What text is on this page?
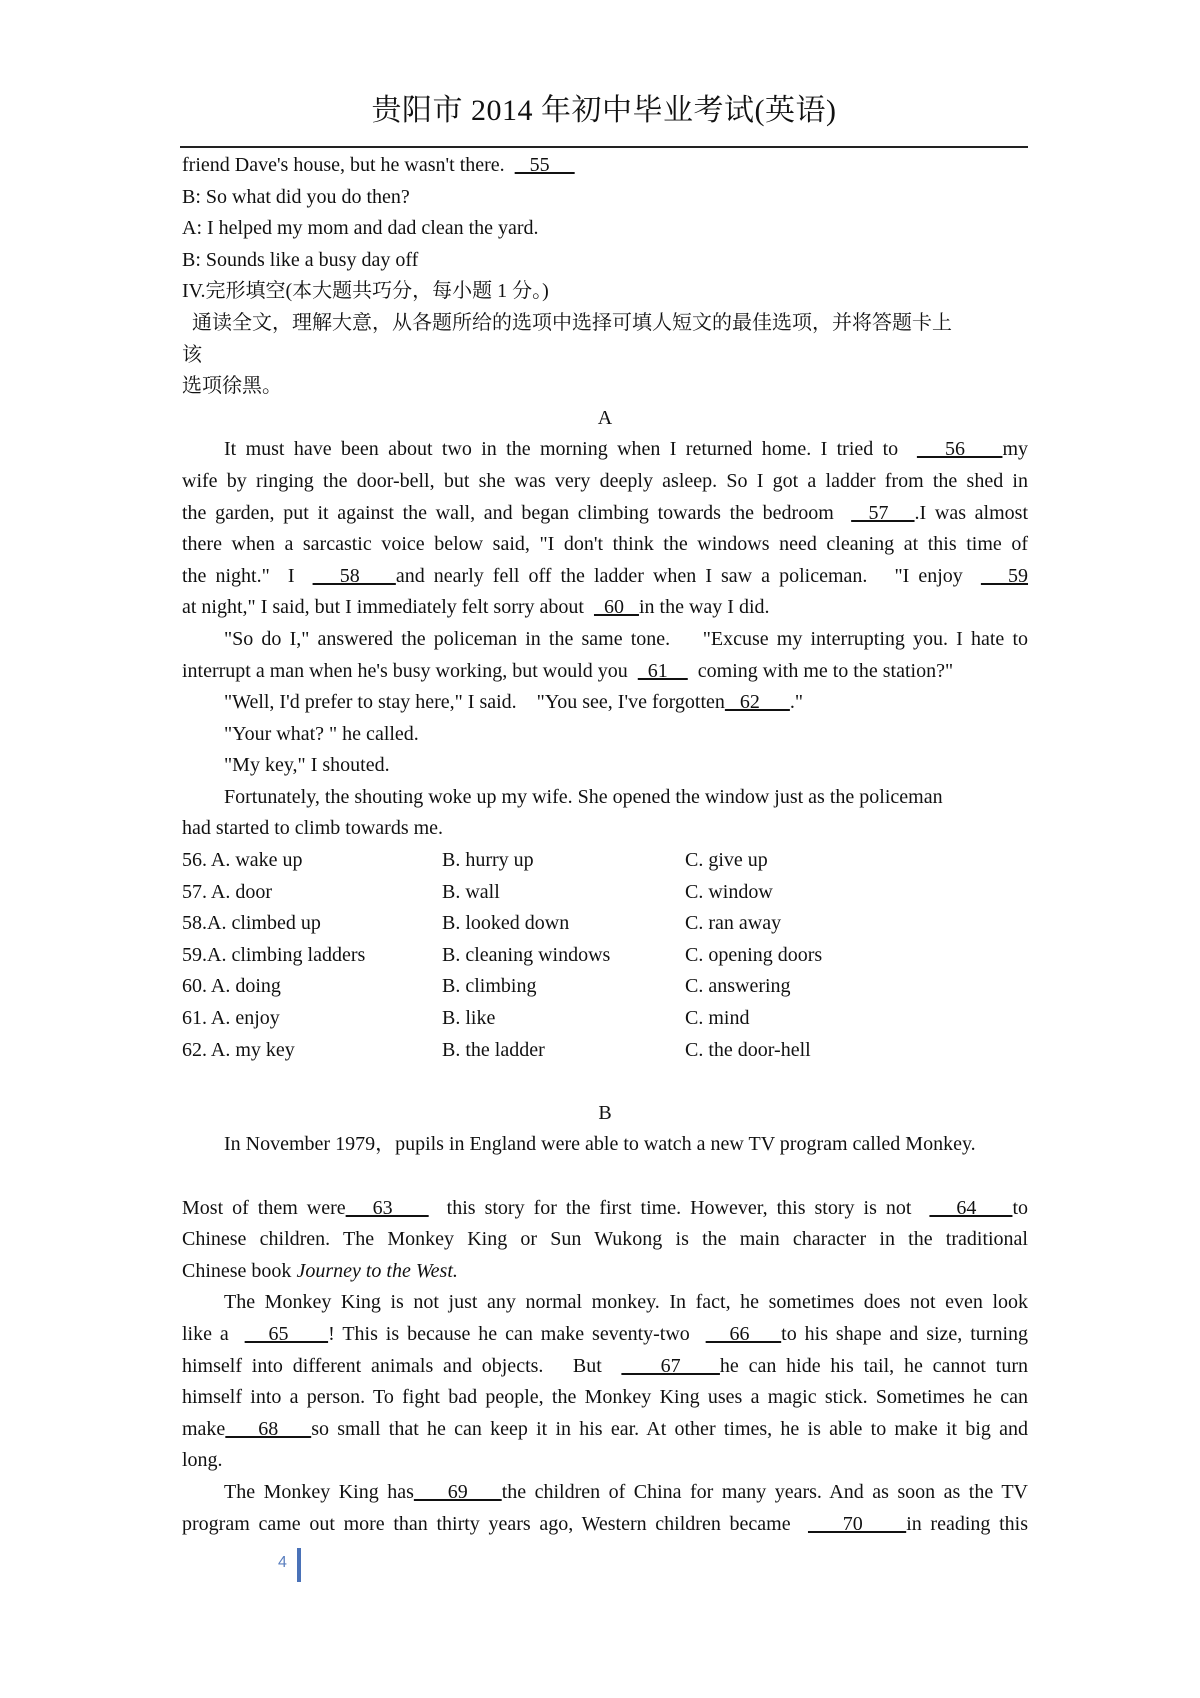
贵阳市 2014 年初中毕业考试(英语)
friend Dave's house, but he wasn't there.     55
B: So what did you do then?
A: I helped my mom and dad clean the yard.
B: Sounds like a busy day off
IV.完形填空(本大题共巧分，每小题 1 分。)
通读全文，理解大意，从各题所给的选项中选择可填人短文的最佳选项，并将答题卡上
该
选项徐黑。
A
It must have been about two in the morning when I returned home. I tried to     56    my
wife by ringing the door-bell, but she was very deeply asleep. So I got a ladder from the shed in
the garden, put it against the wall, and began climbing towards the bedroom    57   .I was almost
there when a sarcastic voice below said, "I don't think the windows need cleaning at this time of
the night."  I     58    and nearly fell off the ladder when I saw a policeman.   "I enjoy     59
at night," I said, but I immediately felt sorry about    60   in the way I did.
"So do I," answered the policeman in the same tone.    "Excuse my interrupting you. I hate to
interrupt a man when he's busy working, but would you    61      coming with me to the station?"
"Well, I'd prefer to stay here," I said.    "You see, I've forgotten   62      ."
"Your what? " he called.
"My key," I shouted.
Fortunately, the shouting woke up my wife. She opened the window just as the policeman
had started to climb towards me.
56. A. wake up	B. hurry up	C. give up
57. A. door	B. wall	C. window
58.A. climbed up	B. looked down	C. ran away
59.A. climbing ladders	B. cleaning windows	C. opening doors
60. A. doing	B. climbing	C. answering
61. A. enjoy	B. like	C. mind
62. A. my key	B. the ladder	C. the door-hell
B
In November 1979，pupils in England were able to watch a new TV program called Monkey.
Most of them were   63      this story for the first time. However, this story is not     64    to
Chinese children. The Monkey King or Sun Wukong is the main character in the traditional
Chinese book Journey to the West.
The Monkey King is not just any normal monkey. In fact, he sometimes does not even look
like a     65     ! This is because he can make seventy-two     66    to his shape and size, turning
himself into different animals and objects.   But      67    he can hide his tail, he cannot turn
himself into a person. To fight bad people, the Monkey King uses a magic stick. Sometimes he can
make    68    so small that he can keep it in his ear. At other times, he is able to make it big and
long.
The Monkey King has    69    the children of China for many years. And as soon as the TV
program came out more than thirty years ago, Western children became      70     in reading this
4
